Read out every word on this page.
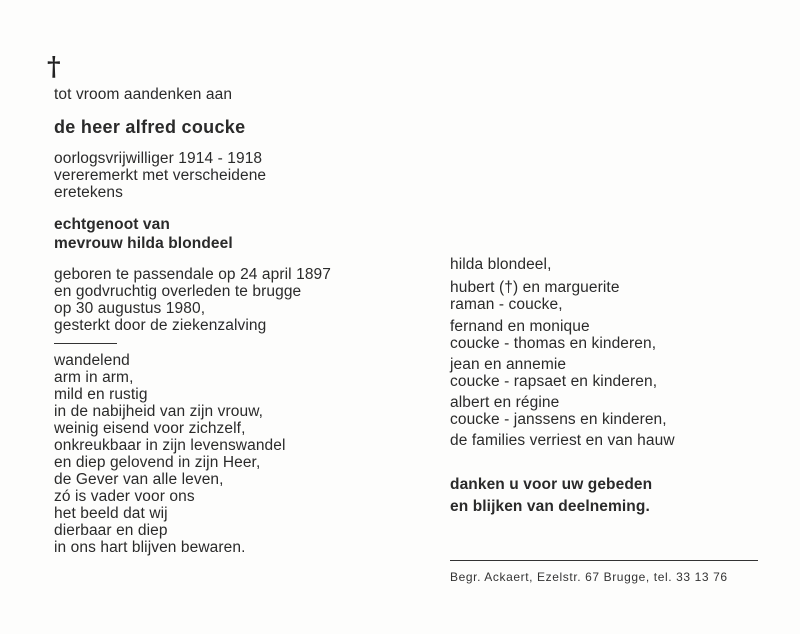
†
tot vroom aandenken aan
de heer alfred coucke
oorlogsvrijwilliger 1914 - 1918
vereremerkt met verscheidene
eretekens
echtgenoot van
mevrouw hilda blondeel
geboren te passendale op 24 april 1897
en godvruchtig overleden te brugge
op 30 augustus 1980,
gesterkt door de ziekenzalving
wandelend
arm in arm,
mild en rustig
in de nabijheid van zijn vrouw,
weinig eisend voor zichzelf,
onkreukbaar in zijn levenswandel
en diep gelovend in zijn Heer,
de Gever van alle leven,
zó is vader voor ons
het beeld dat wij
dierbaar en diep
in ons hart blijven bewaren.
hilda blondeel,
hubert (†) en marguerite
raman - coucke,
fernand en monique
coucke - thomas en kinderen,
jean en annemie
coucke - rapsaet en kinderen,
albert en régine
coucke - janssens en kinderen,
de families verriest en van hauw
danken u voor uw gebeden
en blijken van deelneming.
Begr. Ackaert, Ezelstr. 67 Brugge, tel. 33 13 76
